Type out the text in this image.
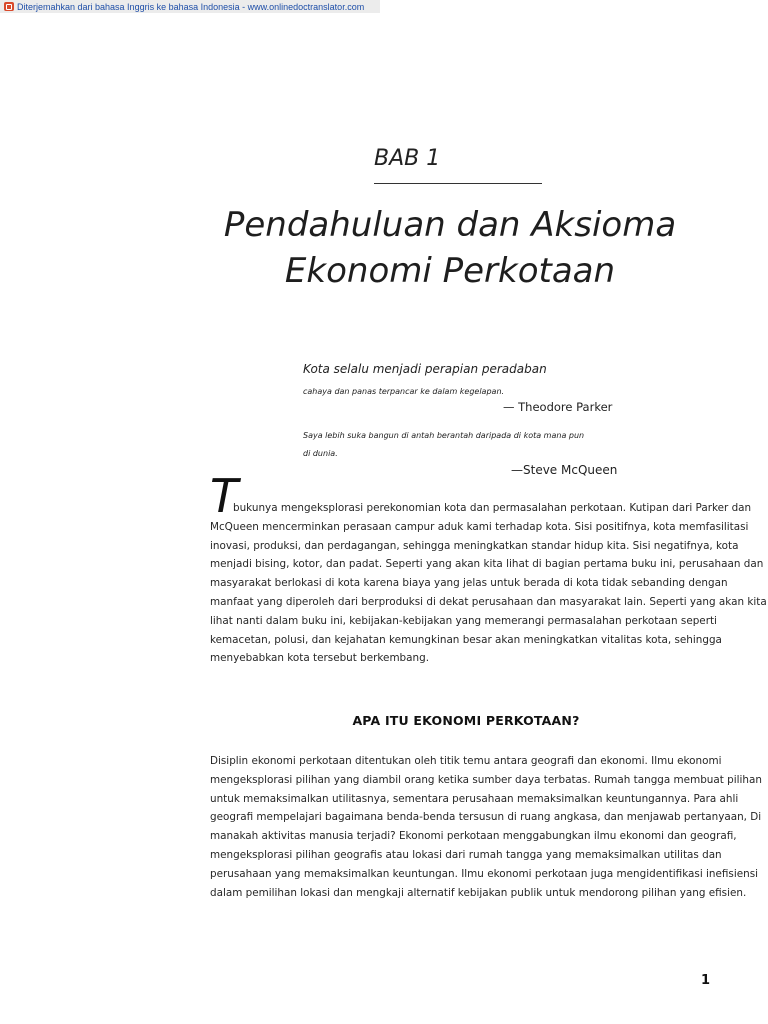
Diterjemahkan dari bahasa Inggris ke bahasa Indonesia - www.onlinedoctranslator.com
BAB 1
Pendahuluan dan Aksioma
Ekonomi Perkotaan
Kota selalu menjadi perapian peradaban
cahaya dan panas terpancar ke dalam kegelapan.
— Theodore Parker
Saya lebih suka bangun di antah berantah daripada di kota mana pun
di dunia.
—Steve McQueen
T
bukunya mengeksplorasi perekonomian kota dan permasalahan perkotaan. Kutipan dari Parker dan
McQueen mencerminkan perasaan campur aduk kami terhadap kota. Sisi positifnya, kota memfasilitasi
inovasi, produksi, dan perdagangan, sehingga meningkatkan standar hidup kita. Sisi negatifnya, kota
menjadi bising, kotor, dan padat. Seperti yang akan kita lihat di bagian pertama buku ini, perusahaan dan
masyarakat berlokasi di kota karena biaya yang jelas untuk berada di kota tidak sebanding dengan
manfaat yang diperoleh dari berproduksi di dekat perusahaan dan masyarakat lain. Seperti yang akan kita
lihat nanti dalam buku ini, kebijakan-kebijakan yang memerangi permasalahan perkotaan seperti
kemacetan, polusi, dan kejahatan kemungkinan besar akan meningkatkan vitalitas kota, sehingga
menyebabkan kota tersebut berkembang.
APA ITU EKONOMI PERKOTAAN?
Disiplin ekonomi perkotaan ditentukan oleh titik temu antara geografi dan ekonomi. Ilmu ekonomi
mengeksplorasi pilihan yang diambil orang ketika sumber daya terbatas. Rumah tangga membuat pilihan
untuk memaksimalkan utilitasnya, sementara perusahaan memaksimalkan keuntungannya. Para ahli
geografi mempelajari bagaimana benda-benda tersusun di ruang angkasa, dan menjawab pertanyaan, Di
manakah aktivitas manusia terjadi? Ekonomi perkotaan menggabungkan ilmu ekonomi dan geografi,
mengeksplorasi pilihan geografis atau lokasi dari rumah tangga yang memaksimalkan utilitas dan
perusahaan yang memaksimalkan keuntungan. Ilmu ekonomi perkotaan juga mengidentifikasi inefisiensi
dalam pemilihan lokasi dan mengkaji alternatif kebijakan publik untuk mendorong pilihan yang efisien.
1
